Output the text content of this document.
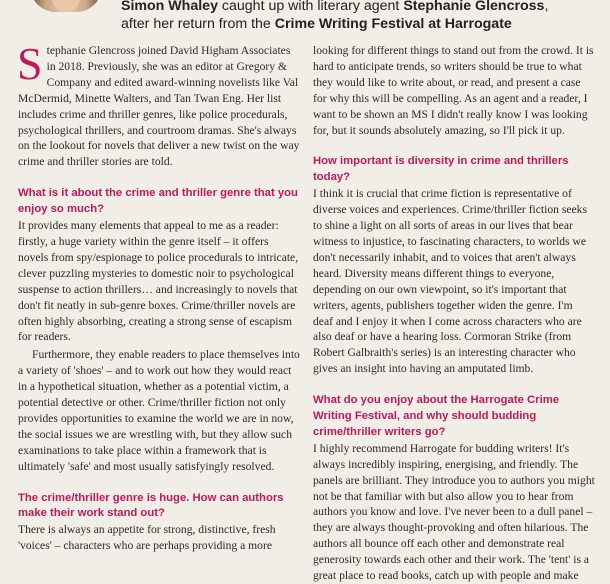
Simon Whaley caught up with literary agent Stephanie Glencross,
after her return from the Crime Writing Festival at Harrogate

Stephanie Glencross joined David Higham Associates in 2018. Previously, she was an editor at Gregory & Company and edited award-winning novelists like Val McDermid, Minette Walters, and Tan Twan Eng. Her list includes crime and thriller genres, like police procedurals, psychological thrillers, and courtroom dramas. She's always on the lookout for novels that deliver a new twist on the way crime and thriller stories are told.

What is it about the crime and thriller genre that you enjoy so much?

It provides many elements that appeal to me as a reader: firstly, a huge variety within the genre itself – it offers novels from spy/espionage to police procedurals to intricate, clever puzzling mysteries to domestic noir to psychological suspense to action thrillers… and increasingly to novels that don't fit neatly in sub-genre boxes. Crime/thriller novels are often highly absorbing, creating a strong sense of escapism for readers.

Furthermore, they enable readers to place themselves into a variety of 'shoes' – and to work out how they would react in a hypothetical situation, whether as a potential victim, a potential detective or other. Crime/thriller fiction not only provides opportunities to examine the world we are in now, the social issues we are wrestling with, but they allow such examinations to take place within a framework that is ultimately 'safe' and most usually satisfyingly resolved.

The crime/thriller genre is huge. How can authors make their work stand out?

There is always an appetite for strong, distinctive, fresh 'voices' – characters who are perhaps providing a more

looking for different things to stand out from the crowd. It is hard to anticipate trends, so writers should be true to what they would like to write about, or read, and present a case for why this will be compelling. As an agent and a reader, I want to be shown an MS I didn't really know I was looking for, but it sounds absolutely amazing, so I'll pick it up.

How important is diversity in crime and thrillers today?

I think it is crucial that crime fiction is representative of diverse voices and experiences. Crime/thriller fiction seeks to shine a light on all sorts of areas in our lives that bear witness to injustice, to fascinating characters, to worlds we don't necessarily inhabit, and to voices that aren't always heard. Diversity means different things to everyone, depending on our own viewpoint, so it's important that writers, agents, publishers together widen the genre. I'm deaf and I enjoy it when I come across characters who are also deaf or have a hearing loss. Cormoran Strike (from Robert Galbraith's series) is an interesting character who gives an insight into having an amputated limb.

What do you enjoy about the Harrogate Crime Writing Festival, and why should budding crime/thriller writers go?

I highly recommend Harrogate for budding writers! It's always incredibly inspiring, energising, and friendly. The panels are brilliant. They introduce you to authors you might not be that familiar with but also allow you to hear from authors you know and love. I've never been to a dull panel – they are always thought-provoking and often hilarious. The authors all bounce off each other and demonstrate real generosity towards each other and their work. The 'tent' is a great place to read books, catch up with people and make
